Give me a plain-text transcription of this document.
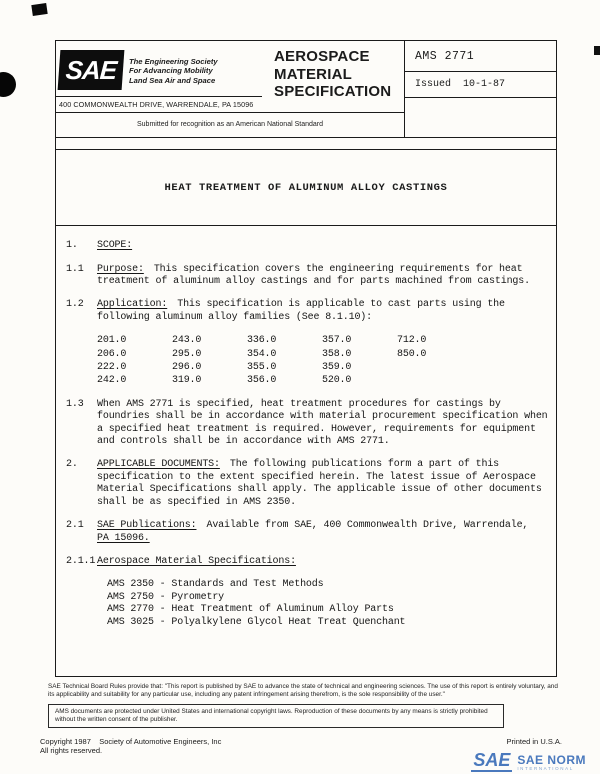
SAE The Engineering Society
For Advancing Mobility
Land Sea Air and Space
400 COMMONWEALTH DRIVE, WARRENDALE, PA 15096
AEROSPACE
MATERIAL
SPECIFICATION
Submitted for recognition as an American National Standard
AMS 2771
Issued 10-1-87
HEAT TREATMENT OF ALUMINUM ALLOY CASTINGS
1. SCOPE:
1.1 Purpose: This specification covers the engineering requirements for heat treatment of aluminum alloy castings and for parts machined from castings.
1.2 Application: This specification is applicable to cast parts using the following aluminum alloy families (See 8.1.10):
201.0	243.0	336.0	357.0	712.0
206.0	295.0	354.0	358.0	850.0
222.0	296.0	355.0	359.0
242.0	319.0	356.0	520.0
1.3 When AMS 2771 is specified, heat treatment procedures for castings by foundries shall be in accordance with material procurement specification when a specified heat treatment is required. However, requirements for equipment and controls shall be in accordance with AMS 2771.
2. APPLICABLE DOCUMENTS: The following publications form a part of this specification to the extent specified herein. The latest issue of Aerospace Material Specifications shall apply. The applicable issue of other documents shall be as specified in AMS 2350.
2.1 SAE Publications: Available from SAE, 400 Commonwealth Drive, Warrendale,
PA 15096.
2.1.1 Aerospace Material Specifications:
AMS 2350 - Standards and Test Methods
AMS 2750 - Pyrometry
AMS 2770 - Heat Treatment of Aluminum Alloy Parts
AMS 3025 - Polyalkylene Glycol Heat Treat Quenchant
SAE Technical Board Rules provide that: "This report is published by SAE to advance the state of technical and engineering sciences. The use of this report is entirely voluntary, and its applicability and suitability for any particular use, including any patent infringement arising therefrom, is the sole responsibility of the user."
AMS documents are protected under United States and international copyright laws. Reproduction of these documents by any means is strictly prohibited without the written consent of the publisher.
Copyright 1987    Society of Automotive Engineers, Inc
All rights reserved.
Printed in U.S.A.
SAE SAE NORM
INTERNATIONAL
